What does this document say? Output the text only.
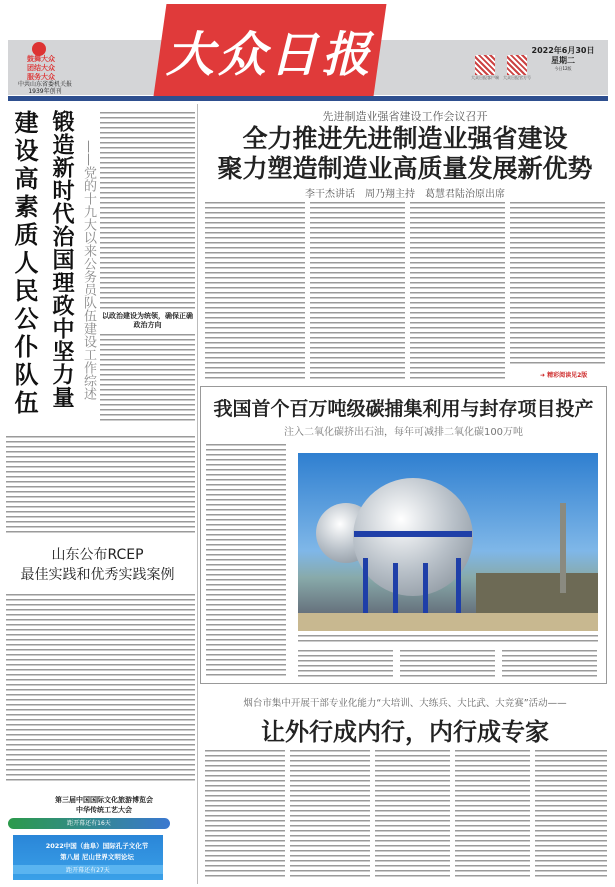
鼓舞大众
团结大众
服务大众
中共山东省委机关报
1939年创刊
大众日报	大众日报客户端	大众日报官方号
2022年6月30日
星期二
今日12版
建设高素质人民公仆队伍 锻造新时代治国理政中坚力量 ——党的十九大以来公务员队伍建设工作综述 以政治建设为统领，确保正确政治方向
山东公布RCEP
最佳实践和优秀实践案例
第三届中国国际文化旅游博览会
中华传统工艺大会
距开幕还有16天
2022中国（曲阜）国际孔子文化节
第八届 尼山世界文明论坛
距开幕还有27天
先进制造业强省建设工作会议召开
全力推进先进制造业强省建设
聚力塑造制造业高质量发展新优势
李干杰讲话　周乃翔主持　葛慧君陆治原出席
➜ 精彩阅读见2版
我国首个百万吨级碳捕集利用与封存项目投产
注入二氧化碳挤出石油，每年可减排二氧化碳100万吨
烟台市集中开展干部专业化能力“大培训、大练兵、大比武、大竞赛”活动——
让外行成内行，内行成专家
